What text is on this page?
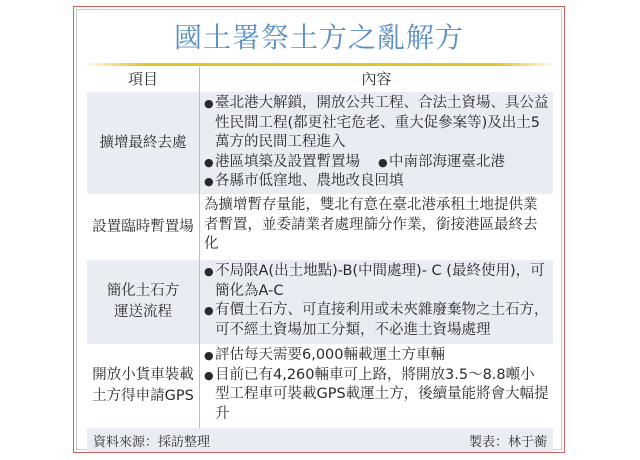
國土署祭土方之亂解方
項目	內容
擴增最終去處
●臺北港大解鎖，開放公共工程、合法土資場、具公益性民間工程(都更社宅危老、重大促參案等)及出土5萬方的民間工程進入
●港區填築及設置暫置場 ●中南部海運臺北港
●各縣市低窪地、農地改良回填
設置臨時暫置場
為擴增暫存量能，雙北有意在臺北港承租土地提供業者暫置，並委請業者處理篩分作業，銜接港區最終去化
簡化土石方
運送流程
●不局限A(出土地點)-B(中間處理)- C (最終使用)，可簡化為A-C
●有價土石方、可直接利用或未夾雜廢棄物之土石方，可不經土資場加工分類，不必進土資場處理
開放小貨車裝載
土方得申請GPS
●評估每天需要6,000輛載運土方車輛
●目前已有4,260輛車可上路，將開放3.5～8.8噸小型工程車可裝載GPS載運土方，後續量能將會大幅提升
資料來源：採訪整理	製表：林于蘅
